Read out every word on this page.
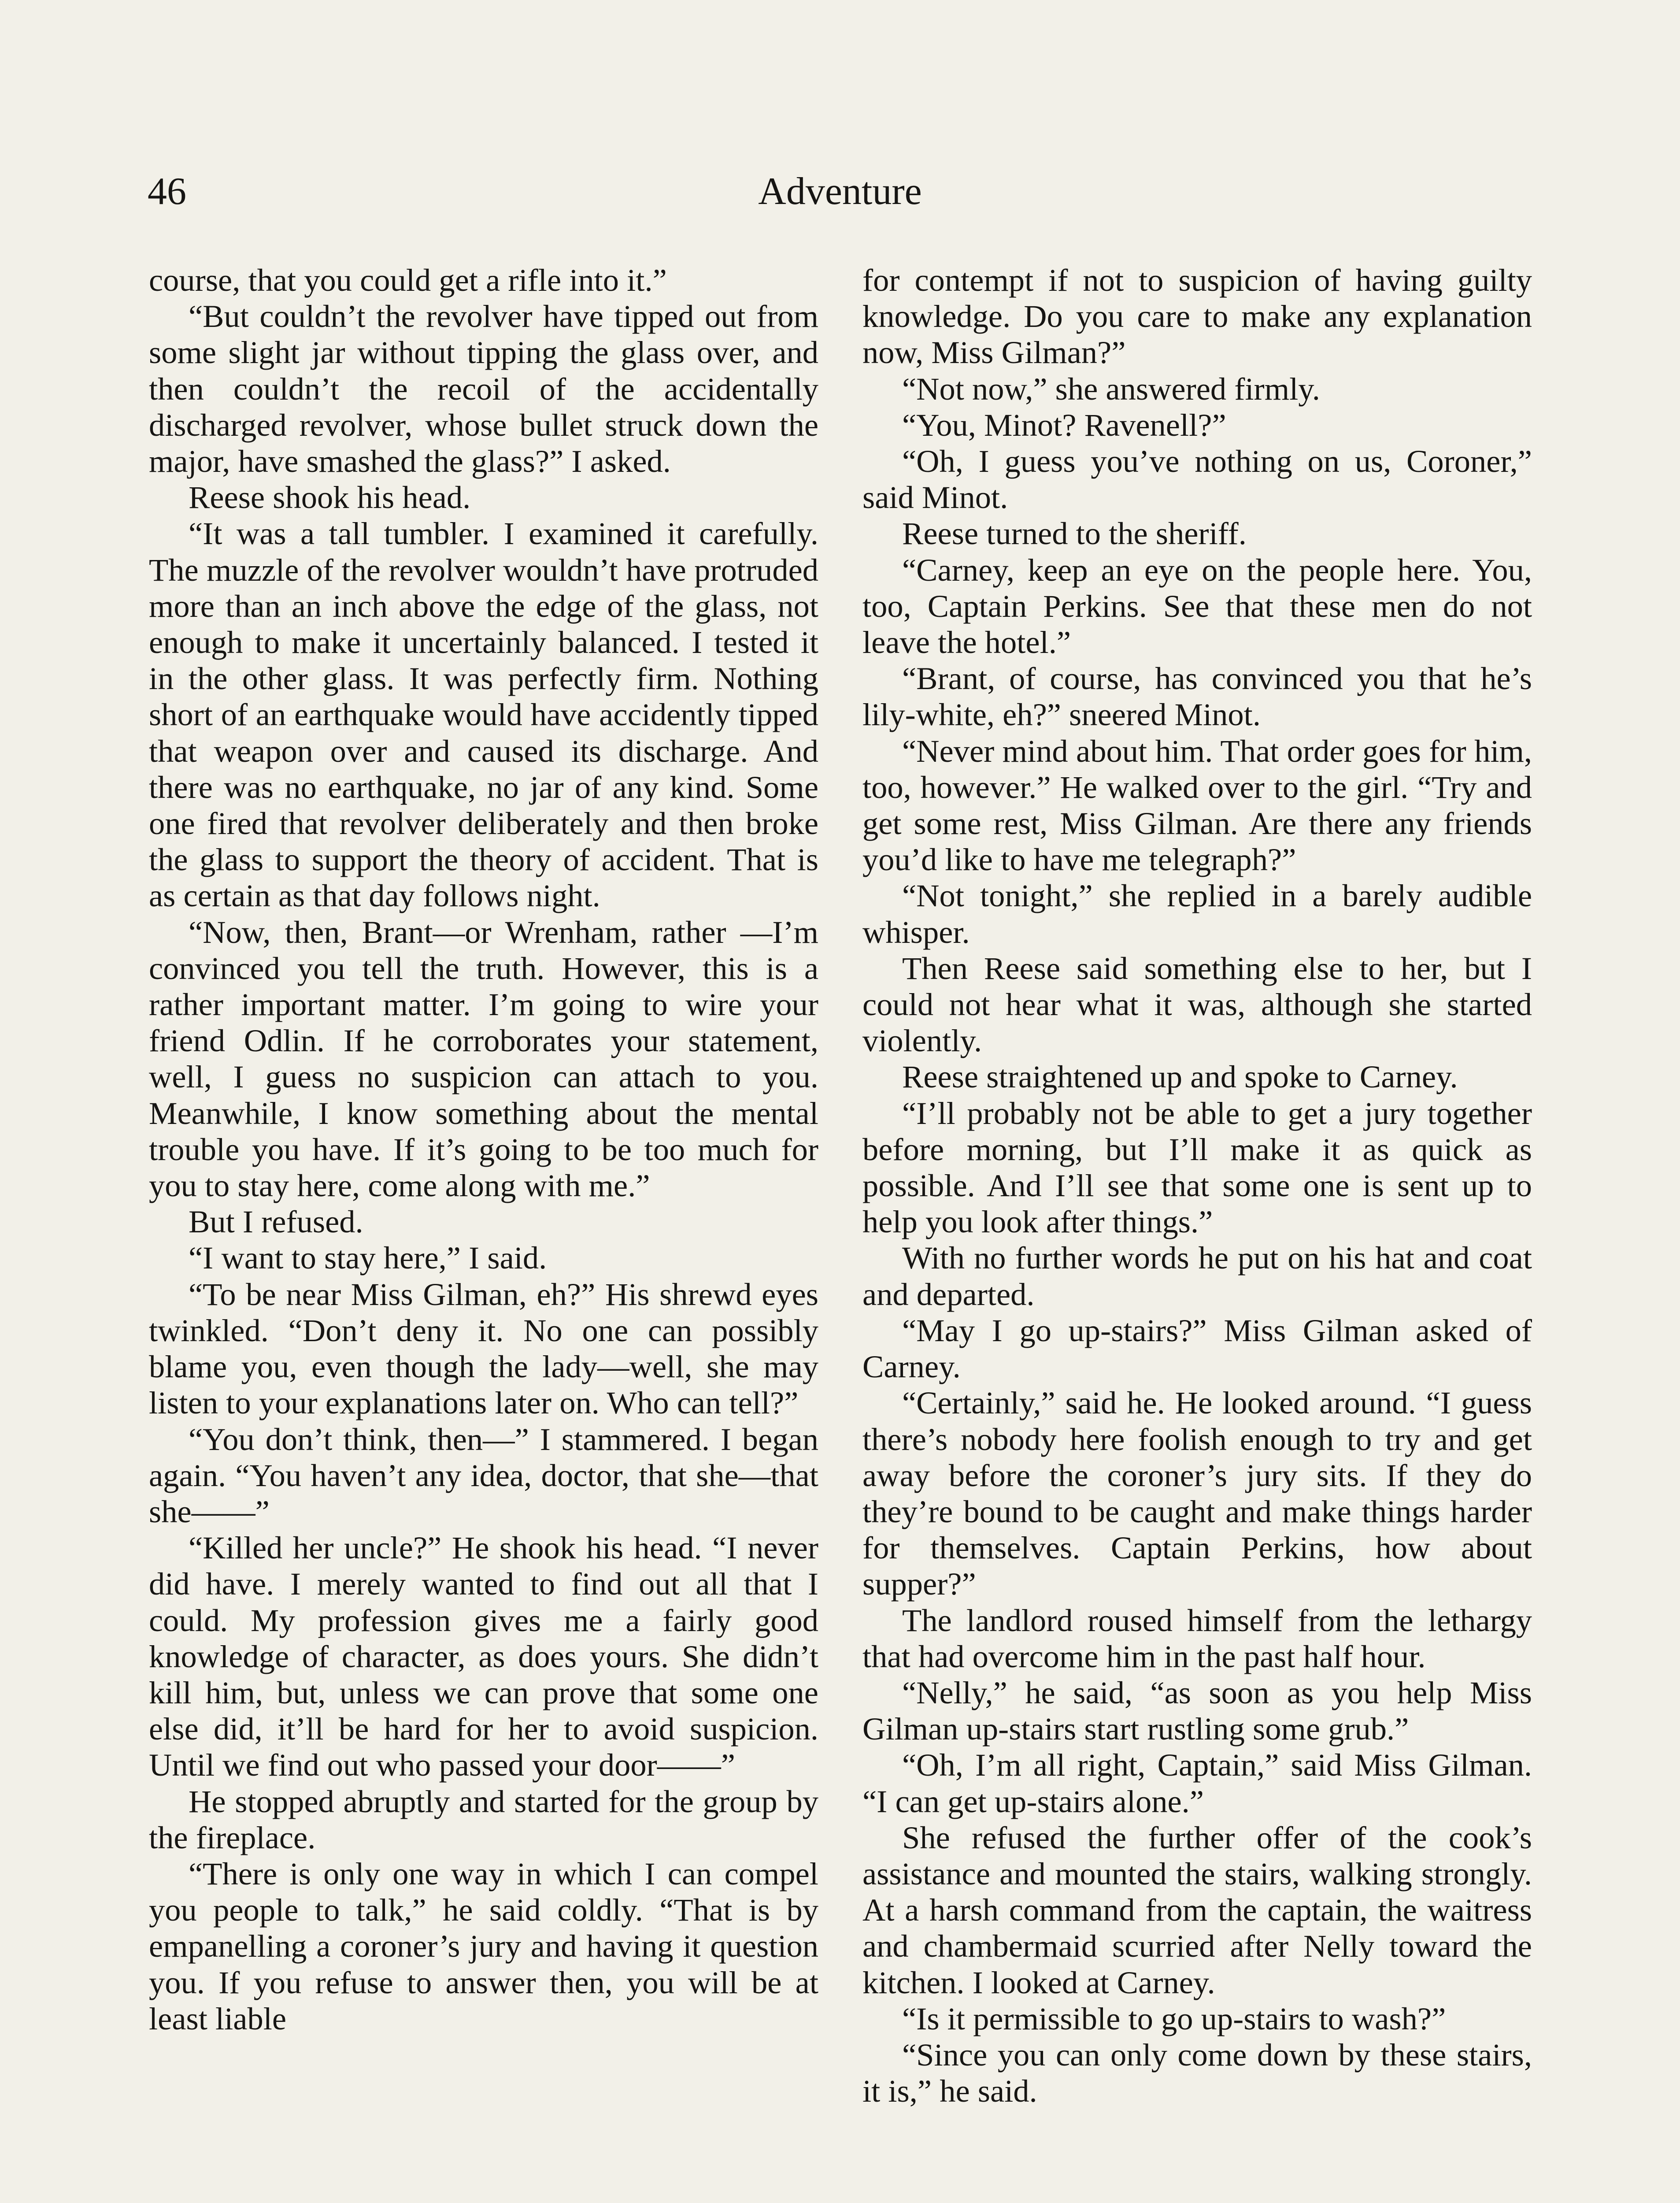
46	Adventure

course, that you could get a rifle into it.”

“But couldn’t the revolver have tipped out from some slight jar without tipping the glass over, and then couldn’t the recoil of the accidentally discharged revolver, whose bullet struck down the major, have smashed the glass?” I asked.

Reese shook his head.

“It was a tall tumbler. I examined it carefully. The muzzle of the revolver wouldn’t have protruded more than an inch above the edge of the glass, not enough to make it uncertainly balanced. I tested it in the other glass. It was perfectly firm. Nothing short of an earthquake would have accidently tipped that weapon over and caused its discharge. And there was no earthquake, no jar of any kind. Some one fired that revolver deliberately and then broke the glass to support the theory of accident. That is as certain as that day follows night.

“Now, then, Brant—or Wrenham, rather —I’m convinced you tell the truth. However, this is a rather important matter. I’m going to wire your friend Odlin. If he corroborates your statement, well, I guess no suspicion can attach to you. Meanwhile, I know something about the mental trouble you have. If it’s going to be too much for you to stay here, come along with me.”

But I refused.

“I want to stay here,” I said.

“To be near Miss Gilman, eh?” His shrewd eyes twinkled. “Don’t deny it. No one can possibly blame you, even though the lady—well, she may listen to your explanations later on. Who can tell?”

“You don’t think, then—” I stammered. I began again. “You haven’t any idea, doctor, that she—that she——”

“Killed her uncle?” He shook his head. “I never did have. I merely wanted to find out all that I could. My profession gives me a fairly good knowledge of character, as does yours. She didn’t kill him, but, unless we can prove that some one else did, it’ll be hard for her to avoid suspicion. Until we find out who passed your door——”

He stopped abruptly and started for the group by the fireplace.

“There is only one way in which I can compel you people to talk,” he said coldly. “That is by empanelling a coroner’s jury and having it question you. If you refuse to answer then, you will be at least liable

for contempt if not to suspicion of having guilty knowledge. Do you care to make any explanation now, Miss Gilman?”

“Not now,” she answered firmly.

“You, Minot? Ravenell?”

“Oh, I guess you’ve nothing on us, Coroner,” said Minot.

Reese turned to the sheriff.

“Carney, keep an eye on the people here. You, too, Captain Perkins. See that these men do not leave the hotel.”

“Brant, of course, has convinced you that he’s lily-white, eh?” sneered Minot.

“Never mind about him. That order goes for him, too, however.” He walked over to the girl. “Try and get some rest, Miss Gilman. Are there any friends you’d like to have me telegraph?”

“Not tonight,” she replied in a barely audible whisper.

Then Reese said something else to her, but I could not hear what it was, although she started violently.

Reese straightened up and spoke to Carney.

“I’ll probably not be able to get a jury together before morning, but I’ll make it as quick as possible. And I’ll see that some one is sent up to help you look after things.”

With no further words he put on his hat and coat and departed.

“May I go up-stairs?” Miss Gilman asked of Carney.

“Certainly,” said he. He looked around. “I guess there’s nobody here foolish enough to try and get away before the coroner’s jury sits. If they do they’re bound to be caught and make things harder for themselves. Captain Perkins, how about supper?”

The landlord roused himself from the lethargy that had overcome him in the past half hour.

“Nelly,” he said, “as soon as you help Miss Gilman up-stairs start rustling some grub.”

“Oh, I’m all right, Captain,” said Miss Gilman. “I can get up-stairs alone.”

She refused the further offer of the cook’s assistance and mounted the stairs, walking strongly. At a harsh command from the captain, the waitress and chambermaid scurried after Nelly toward the kitchen. I looked at Carney.

“Is it permissible to go up-stairs to wash?”

“Since you can only come down by these stairs, it is,” he said.
